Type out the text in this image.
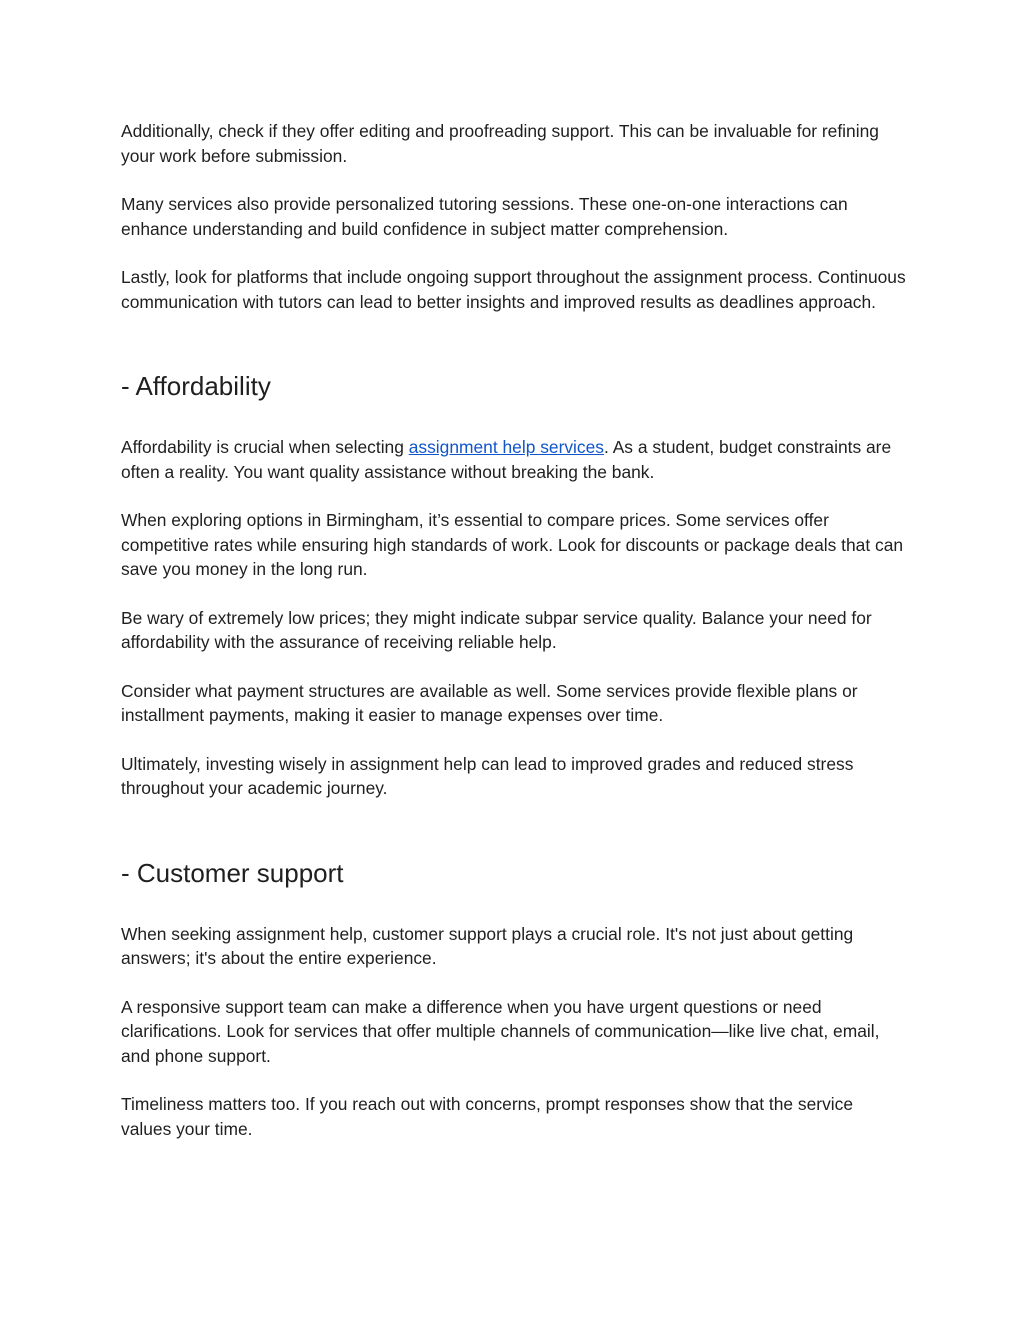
Additionally, check if they offer editing and proofreading support. This can be invaluable for refining your work before submission.

Many services also provide personalized tutoring sessions. These one-on-one interactions can enhance understanding and build confidence in subject matter comprehension.

Lastly, look for platforms that include ongoing support throughout the assignment process. Continuous communication with tutors can lead to better insights and improved results as deadlines approach.

- Affordability

Affordability is crucial when selecting assignment help services. As a student, budget constraints are often a reality. You want quality assistance without breaking the bank.

When exploring options in Birmingham, it’s essential to compare prices. Some services offer competitive rates while ensuring high standards of work. Look for discounts or package deals that can save you money in the long run.

Be wary of extremely low prices; they might indicate subpar service quality. Balance your need for affordability with the assurance of receiving reliable help.

Consider what payment structures are available as well. Some services provide flexible plans or installment payments, making it easier to manage expenses over time.

Ultimately, investing wisely in assignment help can lead to improved grades and reduced stress throughout your academic journey.

- Customer support

When seeking assignment help, customer support plays a crucial role. It's not just about getting answers; it's about the entire experience.

A responsive support team can make a difference when you have urgent questions or need clarifications. Look for services that offer multiple channels of communication—like live chat, email, and phone support.

Timeliness matters too. If you reach out with concerns, prompt responses show that the service values your time.
